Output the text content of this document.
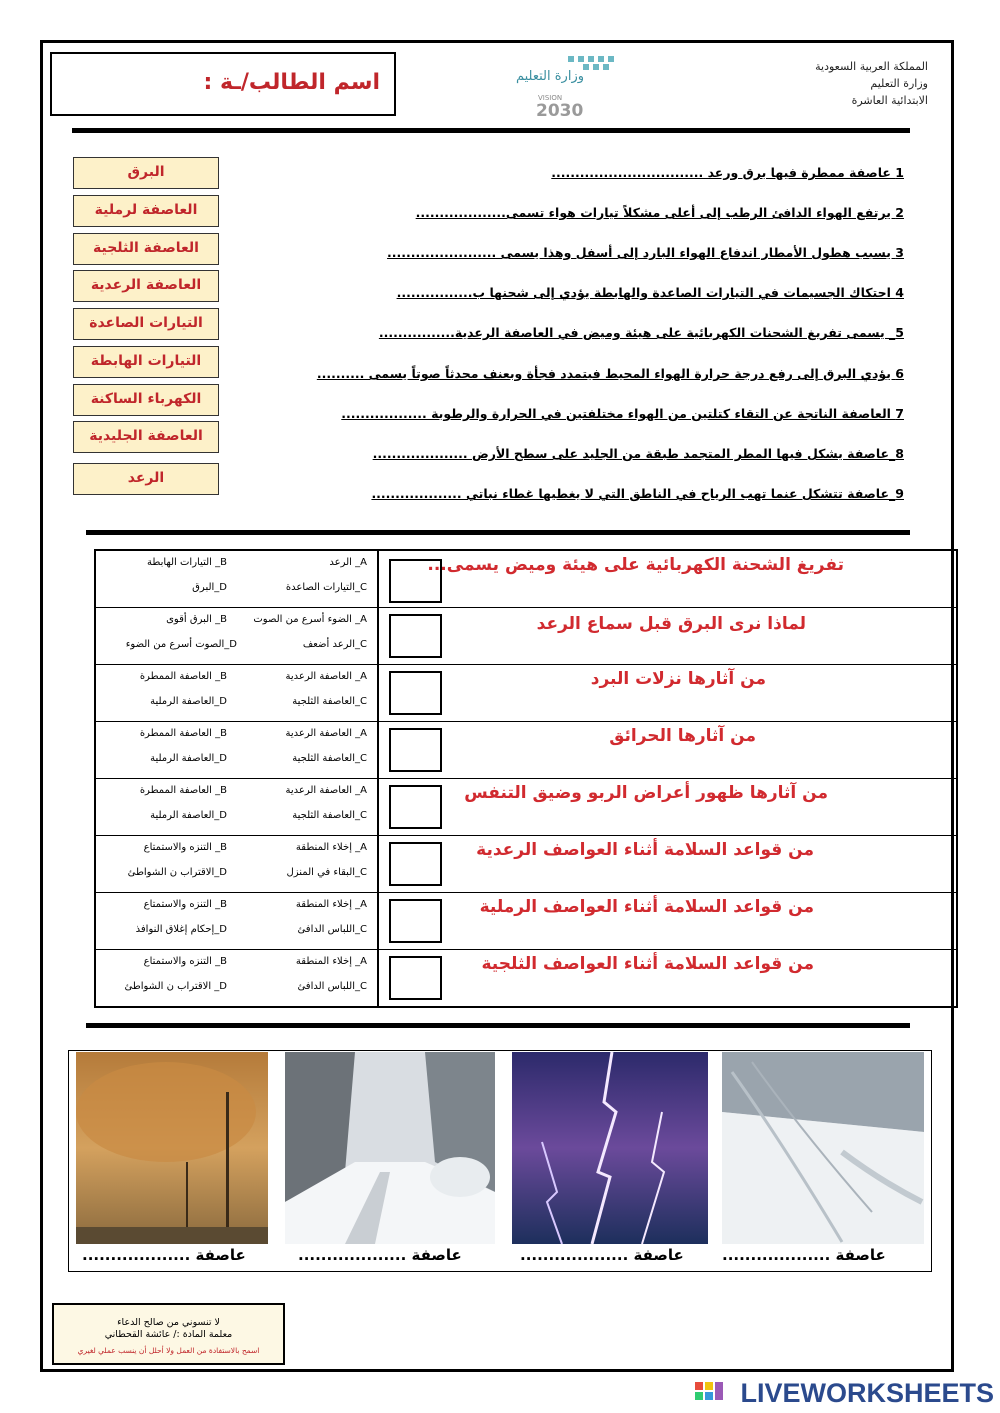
اسم الطالب/ـة :	وزارة التعليم
VISION
2030
المملكة العربية السعودية
وزارة التعليم
الابتدائية العاشرة
البرق
العاصفة لرملية
العاصفة الثلجية
العاصفة الرعدية
التيارات الصاعدة
التيارات الهابطة
الكهرباء الساكنة
العاصفة الجليدية
الرعد
1 عاصفة ممطرة فيها برق ورعد ................................
2 يرتفع الهواء الدافئ الرطب إلى أعلى مشكلاً تيارات هواء تسمى...................
3 يسبب هطول الأمطار اندفاع الهواء البارد إلى أسفل وهذا يسمى .......................
4 احتكاك الجسيمات في التيارات الصاعدة والهابطة يؤدي إلى شحنها ب................
5_ يسمى تفريغ الشحنات الكهربائية على هيئة وميض في العاصفة الرعدية................
6 يؤدي البرق إلى رفع درجة حرارة الهواء المحيط فيتمدد فجأة وبعنف محدثاً صوتاً يسمى ..........
7 العاصفة الناتجة عن التقاء كتلتين من الهواء مختلفتين في الحرارة والرطوبة ..................
8_عاصفة يشكل فيها المطر المتجمد طبقة من الجليد على سطح الأرض ....................
9_عاصفة تتشكل عنما تهب الرياح في الناطق التي لا يغطيها غطاء نباتي ...................
A_ الرعد
B_ التيارات الهابطة
C_التيارات الصاعدة
D_البرق
تفريغ الشحنة الكهربائية على هيئة وميض يسمى...
A_ الضوء أسرع من الصوت
B_ البرق أقوى
C_الرعد أضعف
D_الصوت أسرع من الضوء
لماذا نرى البرق قبل سماع الرعد
A_ العاصفة الرعدية
B_ العاصفة الممطرة
C_العاصفة الثلجية
D_العاصفة الرملية
من آثارها نزلات البرد
A_ العاصفة الرعدية
B_ العاصفة الممطرة
C_العاصفة الثلجية
D_العاصفة الرملية
من آثارها الحرائق
A_ العاصفة الرعدية
B_ العاصفة الممطرة
C_العاصفة الثلجية
D_العاصفة الرملية
من آثارها ظهور أعراض الربو وضيق التنفس
A_ إخلاء المنطقة
B_ التنزه والاستمتاع
C_البقاء في المنزل
D_الاقتراب ن الشواطئ
من قواعد السلامة أثناء العواصف الرعدية
A_ إخلاء المنطقة
B_ التنزه والاستمتاع
C_اللباس الدافئ
D_إحكام إغلاق النوافذ
من قواعد السلامة أثناء العواصف الرملية
A_ إخلاء المنطقة
B_ التنزه والاستمتاع
C_اللباس الدافئ
D_ الاقتراب ن الشواطئ
من قواعد السلامة أثناء العواصف الثلجية
عاصفة ...................	عاصفة ...................	عاصفة ...................	عاصفة ...................
لا تنسوني من صالح الدعاء
معلمة المادة :/ عائشة القحطاني
اسمح بالاستفادة من العمل ولا أحلل أن ينسب عملي لغيري
LIVEWORKSHEETS
